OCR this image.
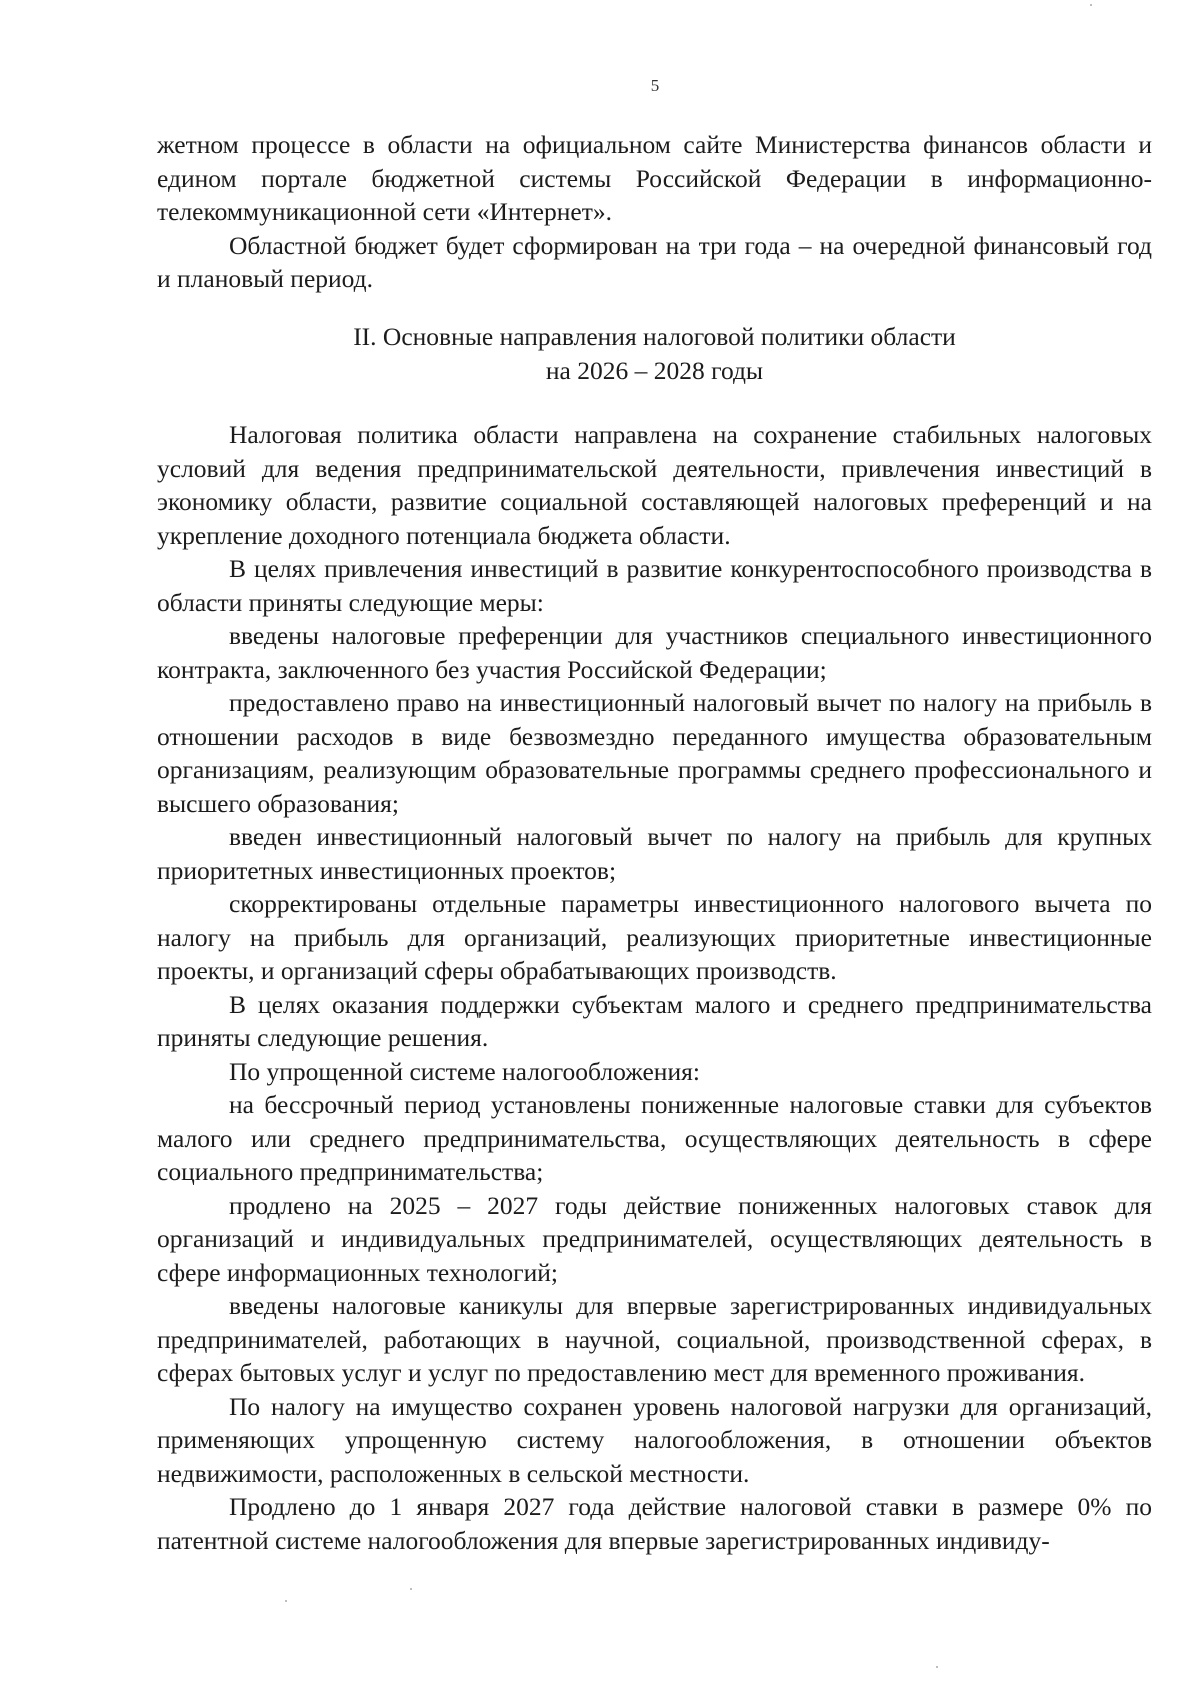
5

жетном процессе в области на официальном сайте Министерства финансов области и едином портале бюджетной системы Российской Федерации в информационно-телекоммуникационной сети «Интернет».

Областной бюджет будет сформирован на три года – на очередной финансовый год и плановый период.

II. Основные направления налоговой политики области
на 2026 – 2028 годы

Налоговая политика области направлена на сохранение стабильных налоговых условий для ведения предпринимательской деятельности, привлечения инвестиций в экономику области, развитие социальной составляющей налоговых преференций и на укрепление доходного потенциала бюджета области.

В целях привлечения инвестиций в развитие конкурентоспособного производства в области приняты следующие меры:

введены налоговые преференции для участников специального инвестиционного контракта, заключенного без участия Российской Федерации;

предоставлено право на инвестиционный налоговый вычет по налогу на прибыль в отношении расходов в виде безвозмездно переданного имущества образовательным организациям, реализующим образовательные программы среднего профессионального и высшего образования;

введен инвестиционный налоговый вычет по налогу на прибыль для крупных приоритетных инвестиционных проектов;

скорректированы отдельные параметры инвестиционного налогового вычета по налогу на прибыль для организаций, реализующих приоритетные инвестиционные проекты, и организаций сферы обрабатывающих производств.

В целях оказания поддержки субъектам малого и среднего предпринимательства приняты следующие решения.

По упрощенной системе налогообложения:

на бессрочный период установлены пониженные налоговые ставки для субъектов малого или среднего предпринимательства, осуществляющих деятельность в сфере социального предпринимательства;

продлено на 2025 – 2027 годы действие пониженных налоговых ставок для организаций и индивидуальных предпринимателей, осуществляющих деятельность в сфере информационных технологий;

введены налоговые каникулы для впервые зарегистрированных индивидуальных предпринимателей, работающих в научной, социальной, производственной сферах, в сферах бытовых услуг и услуг по предоставлению мест для временного проживания.

По налогу на имущество сохранен уровень налоговой нагрузки для организаций, применяющих упрощенную систему налогообложения, в отношении объектов недвижимости, расположенных в сельской местности.

Продлено до 1 января 2027 года действие налоговой ставки в размере 0% по патентной системе налогообложения для впервые зарегистрированных индивиду-
